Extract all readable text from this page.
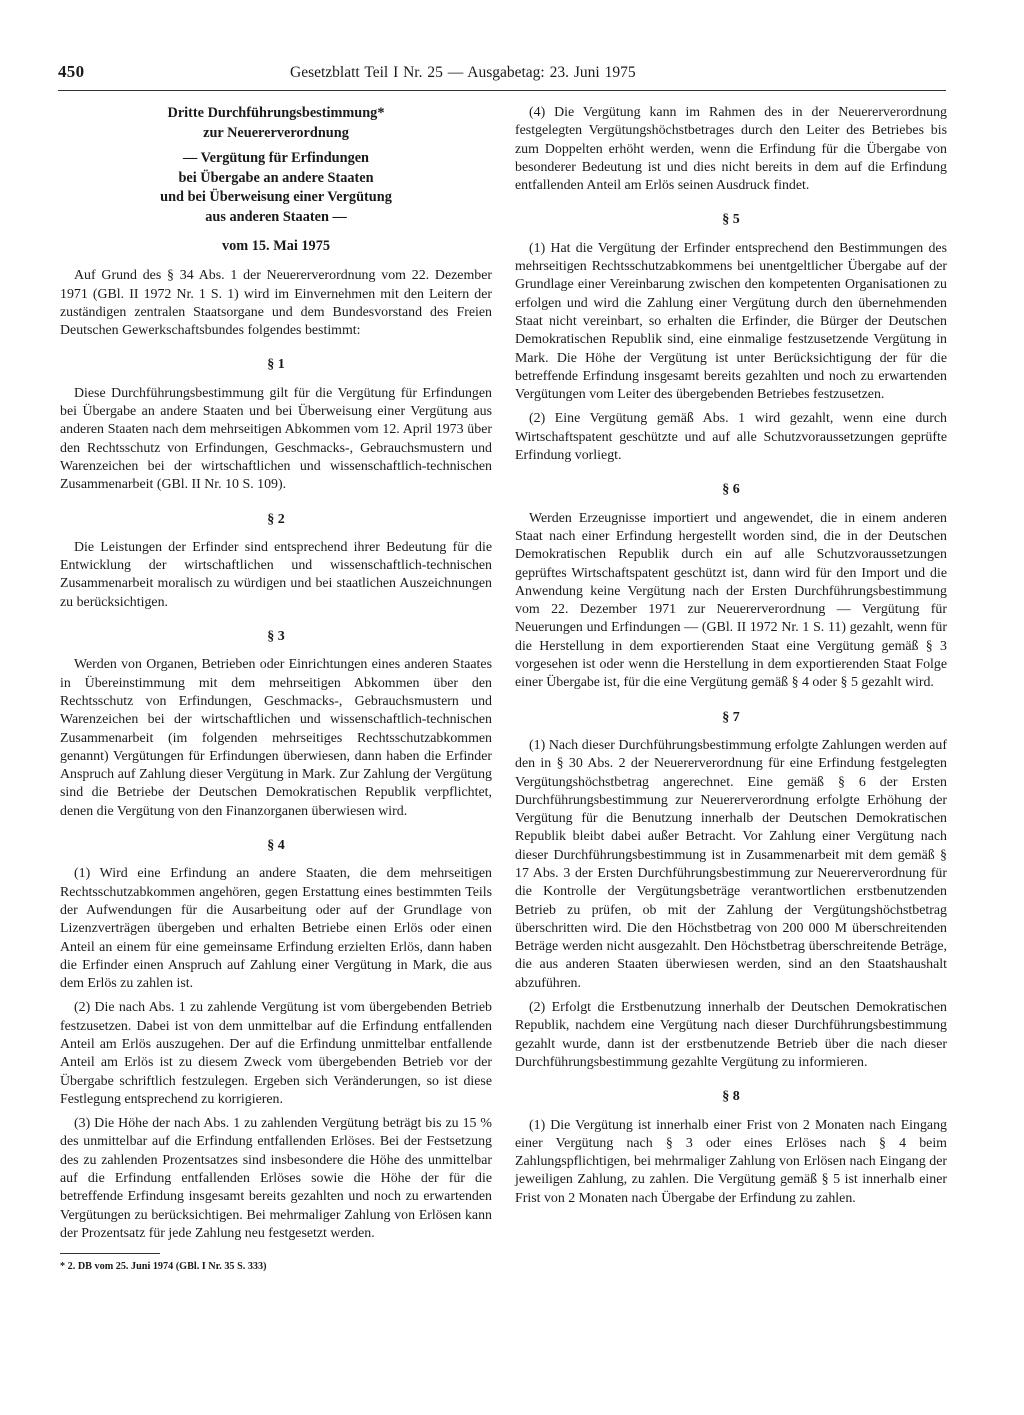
450	Gesetzblatt Teil I Nr. 25 — Ausgabetag: 23. Juni 1975
Dritte Durchführungsbestimmung*
zur Neuererverordnung
— Vergütung für Erfindungen
bei Übergabe an andere Staaten
und bei Überweisung einer Vergütung
aus anderen Staaten —
vom 15. Mai 1975

Auf Grund des § 34 Abs. 1 der Neuererverordnung vom 22. Dezember 1971 (GBl. II 1972 Nr. 1 S. 1) wird im Einvernehmen mit den Leitern der zuständigen zentralen Staatsorgane und dem Bundesvorstand des Freien Deutschen Gewerkschaftsbundes folgendes bestimmt:

§ 1

Diese Durchführungsbestimmung gilt für die Vergütung für Erfindungen bei Übergabe an andere Staaten und bei Überweisung einer Vergütung aus anderen Staaten nach dem mehrseitigen Abkommen vom 12. April 1973 über den Rechtsschutz von Erfindungen, Geschmacks-, Gebrauchsmustern und Warenzeichen bei der wirtschaftlichen und wissenschaftlich-technischen Zusammenarbeit (GBl. II Nr. 10 S. 109).

§ 2

Die Leistungen der Erfinder sind entsprechend ihrer Bedeutung für die Entwicklung der wirtschaftlichen und wissenschaftlich-technischen Zusammenarbeit moralisch zu würdigen und bei staatlichen Auszeichnungen zu berücksichtigen.

§ 3

Werden von Organen, Betrieben oder Einrichtungen eines anderen Staates in Übereinstimmung mit dem mehrseitigen Abkommen über den Rechtsschutz von Erfindungen, Geschmacks-, Gebrauchsmustern und Warenzeichen bei der wirtschaftlichen und wissenschaftlich-technischen Zusammenarbeit (im folgenden mehrseitiges Rechtsschutzabkommen genannt) Vergütungen für Erfindungen überwiesen, dann haben die Erfinder Anspruch auf Zahlung dieser Vergütung in Mark. Zur Zahlung der Vergütung sind die Betriebe der Deutschen Demokratischen Republik verpflichtet, denen die Vergütung von den Finanzorganen überwiesen wird.

§ 4

(1) Wird eine Erfindung an andere Staaten, die dem mehrseitigen Rechtsschutzabkommen angehören, gegen Erstattung eines bestimmten Teils der Aufwendungen für die Ausarbeitung oder auf der Grundlage von Lizenzverträgen übergeben und erhalten Betriebe einen Erlös oder einen Anteil an einem für eine gemeinsame Erfindung erzielten Erlös, dann haben die Erfinder einen Anspruch auf Zahlung einer Vergütung in Mark, die aus dem Erlös zu zahlen ist.

(2) Die nach Abs. 1 zu zahlende Vergütung ist vom übergebenden Betrieb festzusetzen. Dabei ist von dem unmittelbar auf die Erfindung entfallenden Anteil am Erlös auszugehen. Der auf die Erfindung unmittelbar entfallende Anteil am Erlös ist zu diesem Zweck vom übergebenden Betrieb vor der Übergabe schriftlich festzulegen. Ergeben sich Veränderungen, so ist diese Festlegung entsprechend zu korrigieren.

(3) Die Höhe der nach Abs. 1 zu zahlenden Vergütung beträgt bis zu 15 % des unmittelbar auf die Erfindung entfallenden Erlöses. Bei der Festsetzung des zu zahlenden Prozentsatzes sind insbesondere die Höhe des unmittelbar auf die Erfindung entfallenden Erlöses sowie die Höhe der für die betreffende Erfindung insgesamt bereits gezahlten und noch zu erwartenden Vergütungen zu berücksichtigen. Bei mehrmaliger Zahlung von Erlösen kann der Prozentsatz für jede Zahlung neu festgesetzt werden.

* 2. DB vom 25. Juni 1974 (GBl. I Nr. 35 S. 333)

(4) Die Vergütung kann im Rahmen des in der Neuererverordnung festgelegten Vergütungshöchstbetrages durch den Leiter des Betriebes bis zum Doppelten erhöht werden, wenn die Erfindung für die Übergabe von besonderer Bedeutung ist und dies nicht bereits in dem auf die Erfindung entfallenden Anteil am Erlös seinen Ausdruck findet.

§ 5

(1) Hat die Vergütung der Erfinder entsprechend den Bestimmungen des mehrseitigen Rechtsschutzabkommens bei unentgeltlicher Übergabe auf der Grundlage einer Vereinbarung zwischen den kompetenten Organisationen zu erfolgen und wird die Zahlung einer Vergütung durch den übernehmenden Staat nicht vereinbart, so erhalten die Erfinder, die Bürger der Deutschen Demokratischen Republik sind, eine einmalige festzusetzende Vergütung in Mark. Die Höhe der Vergütung ist unter Berücksichtigung der für die betreffende Erfindung insgesamt bereits gezahlten und noch zu erwartenden Vergütungen vom Leiter des übergebenden Betriebes festzusetzen.

(2) Eine Vergütung gemäß Abs. 1 wird gezahlt, wenn eine durch Wirtschaftspatent geschützte und auf alle Schutzvoraussetzungen geprüfte Erfindung vorliegt.

§ 6

Werden Erzeugnisse importiert und angewendet, die in einem anderen Staat nach einer Erfindung hergestellt worden sind, die in der Deutschen Demokratischen Republik durch ein auf alle Schutzvoraussetzungen geprüftes Wirtschaftspatent geschützt ist, dann wird für den Import und die Anwendung keine Vergütung nach der Ersten Durchführungsbestimmung vom 22. Dezember 1971 zur Neuererverordnung — Vergütung für Neuerungen und Erfindungen — (GBl. II 1972 Nr. 1 S. 11) gezahlt, wenn für die Herstellung in dem exportierenden Staat eine Vergütung gemäß § 3 vorgesehen ist oder wenn die Herstellung in dem exportierenden Staat Folge einer Übergabe ist, für die eine Vergütung gemäß § 4 oder § 5 gezahlt wird.

§ 7

(1) Nach dieser Durchführungsbestimmung erfolgte Zahlungen werden auf den in § 30 Abs. 2 der Neuererverordnung für eine Erfindung festgelegten Vergütungshöchstbetrag angerechnet. Eine gemäß § 6 der Ersten Durchführungsbestimmung zur Neuererverordnung erfolgte Erhöhung der Vergütung für die Benutzung innerhalb der Deutschen Demokratischen Republik bleibt dabei außer Betracht. Vor Zahlung einer Vergütung nach dieser Durchführungsbestimmung ist in Zusammenarbeit mit dem gemäß § 17 Abs. 3 der Ersten Durchführungsbestimmung zur Neuererverordnung für die Kontrolle der Vergütungsbeträge verantwortlichen erstbenutzenden Betrieb zu prüfen, ob mit der Zahlung der Vergütungshöchstbetrag überschritten wird. Die den Höchstbetrag von 200 000 M überschreitenden Beträge werden nicht ausgezahlt. Den Höchstbetrag überschreitende Beträge, die aus anderen Staaten überwiesen werden, sind an den Staatshaushalt abzuführen.

(2) Erfolgt die Erstbenutzung innerhalb der Deutschen Demokratischen Republik, nachdem eine Vergütung nach dieser Durchführungsbestimmung gezahlt wurde, dann ist der erstbenutzende Betrieb über die nach dieser Durchführungsbestimmung gezahlte Vergütung zu informieren.

§ 8

(1) Die Vergütung ist innerhalb einer Frist von 2 Monaten nach Eingang einer Vergütung nach § 3 oder eines Erlöses nach § 4 beim Zahlungspflichtigen, bei mehrmaliger Zahlung von Erlösen nach Eingang der jeweiligen Zahlung, zu zahlen. Die Vergütung gemäß § 5 ist innerhalb einer Frist von 2 Monaten nach Übergabe der Erfindung zu zahlen.
